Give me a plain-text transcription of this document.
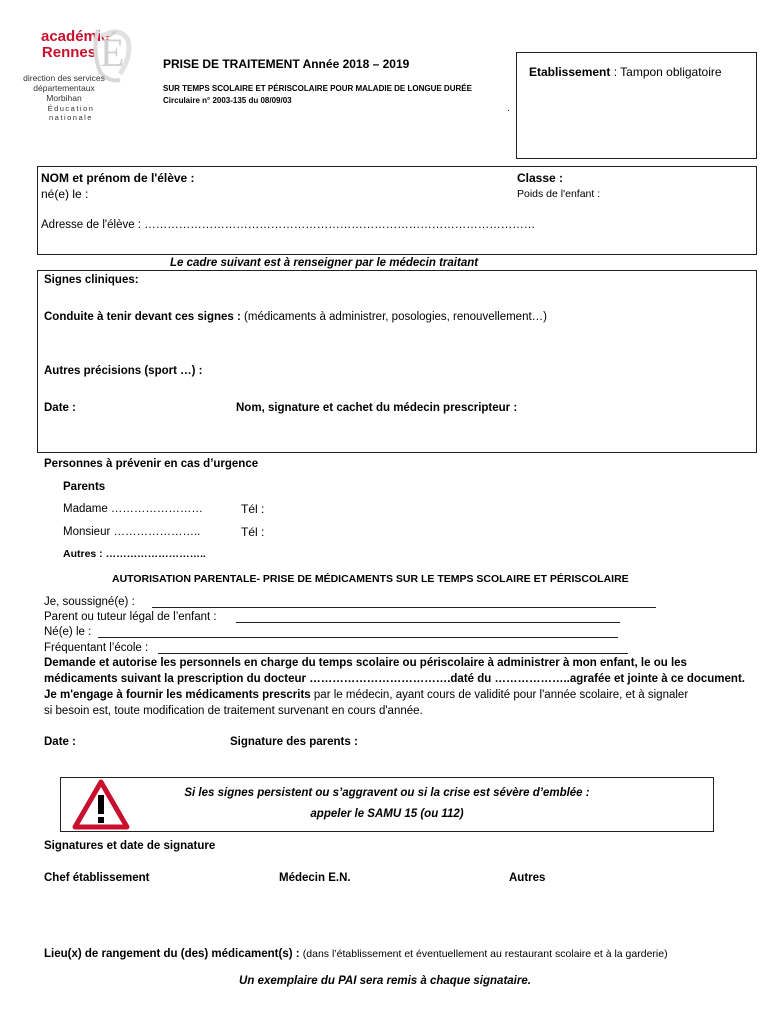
académie
Rennes É
direction des services
départementaux
Morbihan
Éducation
nationale
PRISE DE TRAITEMENT Année 2018 – 2019
SUR TEMPS SCOLAIRE ET PÉRISCOLAIRE POUR MALADIE DE LONGUE DURÉE
Circulaire n° 2003-135 du 08/09/03
.
Etablissement : Tampon obligatoire
NOM et prénom de l'élève :
né(e) le :
Adresse de l'élève : …………………………………………………………………………………………
Classe :
Poids de l'enfant :
Le cadre suivant est à renseigner par le médecin traitant
Signes cliniques:
Conduite à tenir devant ces signes : (médicaments à administrer, posologies, renouvellement…)
Autres précisions (sport …) :
Date :	Nom, signature et cachet du médecin prescripteur :
Personnes à prévenir en cas d’urgence
Parents
Madame ……………………	Tél :
Monsieur …………………..	Tél :
Autres : ………………………..
AUTORISATION PARENTALE- PRISE DE MÉDICAMENTS SUR LE TEMPS SCOLAIRE ET PÉRISCOLAIRE
Je, soussigné(e) :
Parent ou tuteur légal de l’enfant :
Né(e) le :
Fréquentant l’école :
Demande et autorise les personnels en charge du temps scolaire ou périscolaire à administrer à mon enfant, le ou les
médicaments suivant la prescription du docteur ……………………………….daté du ………………..agrafée et jointe à ce document.
Je m'engage à fournir les médicaments prescrits par le médecin, ayant cours de validité pour l'année scolaire, et à signaler
si besoin est, toute modification de traitement survenant en cours d'année.
Date :	Signature des parents :
Si les signes persistent ou s’aggravent ou si la crise est sévère d’emblée :
appeler le SAMU 15 (ou 112)
Signatures et date de signature
Chef établissement	Médecin E.N.	Autres
Lieu(x) de rangement du (des) médicament(s) : (dans l’établissement et éventuellement au restaurant scolaire et à la garderie)
Un exemplaire du PAI sera remis à chaque signataire.
